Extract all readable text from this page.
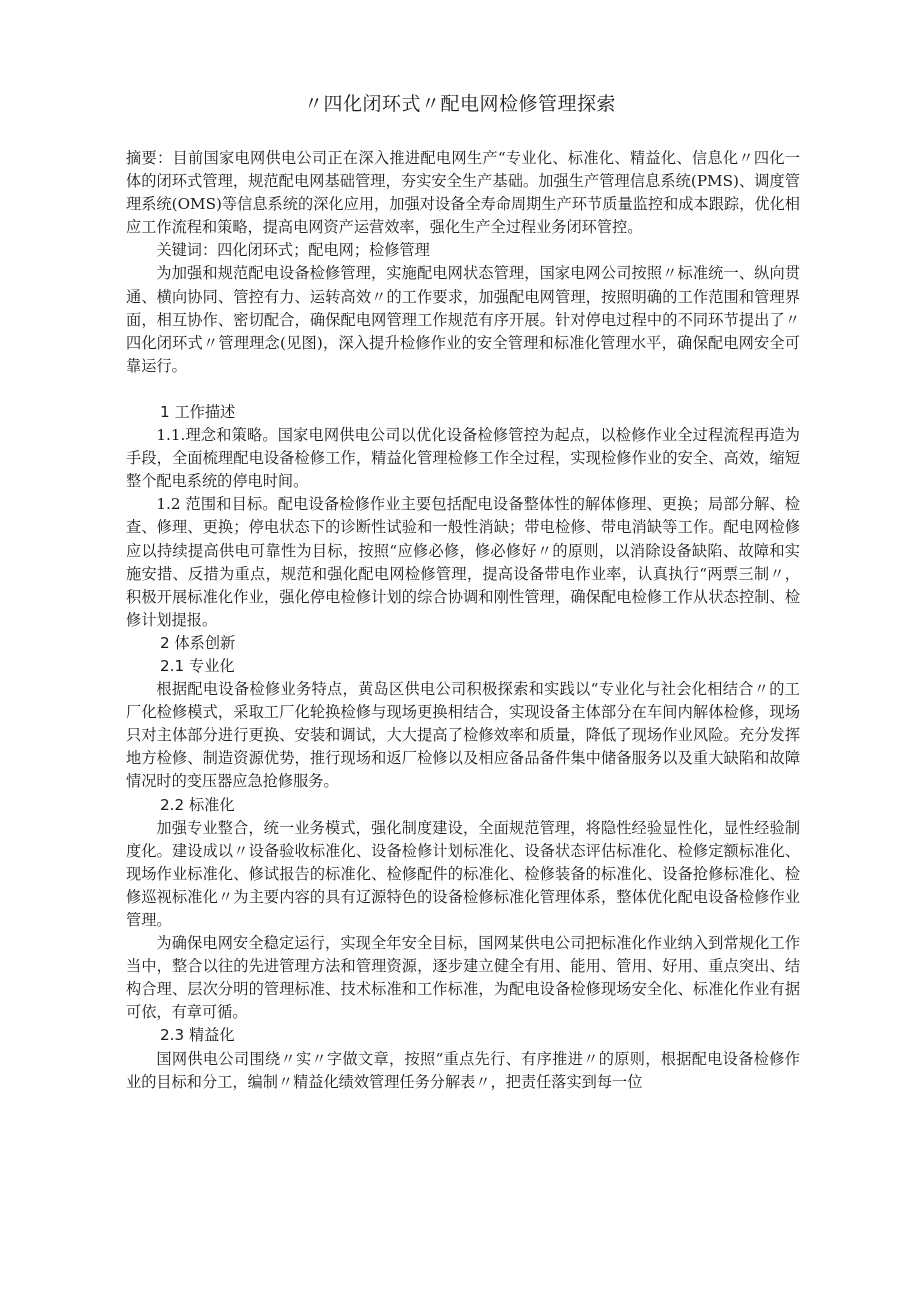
〃四化闭环式〃配电网检修管理探索

摘要：目前国家电网供电公司正在深入推进配电网生产“专业化、标准化、精益化、信息化〃四化一体的闭环式管理，规范配电网基础管理，夯实安全生产基础。加强生产管理信息系统(PMS)、调度管理系统(OMS)等信息系统的深化应用，加强对设备全寿命周期生产环节质量监控和成本跟踪，优化相应工作流程和策略，提高电网资产运营效率，强化生产全过程业务闭环管控。

关键词：四化闭环式；配电网；检修管理

为加强和规范配电设备检修管理，实施配电网状态管理，国家电网公司按照〃标准统一、纵向贯通、横向协同、管控有力、运转高效〃的工作要求，加强配电网管理，按照明确的工作范围和管理界面，相互协作、密切配合，确保配电网管理工作规范有序开展。针对停电过程中的不同环节提出了〃四化闭环式〃管理理念(见图)，深入提升检修作业的安全管理和标准化管理水平，确保配电网安全可靠运行。

1 工作描述

1.1.理念和策略。国家电网供电公司以优化设备检修管控为起点，以检修作业全过程流程再造为手段，全面梳理配电设备检修工作，精益化管理检修工作全过程，实现检修作业的安全、高效，缩短整个配电系统的停电时间。

1.2 范围和目标。配电设备检修作业主要包括配电设备整体性的解体修理、更换；局部分解、检查、修理、更换；停电状态下的诊断性试验和一般性消缺；带电检修、带电消缺等工作。配电网检修应以持续提高供电可靠性为目标，按照“应修必修，修必修好〃的原则，以消除设备缺陷、故障和实施安措、反措为重点，规范和强化配电网检修管理，提高设备带电作业率，认真执行“两票三制〃，积极开展标准化作业，强化停电检修计划的综合协调和刚性管理，确保配电检修工作从状态控制、检修计划提报。

2 体系创新

2.1 专业化

根据配电设备检修业务特点，黄岛区供电公司积极探索和实践以“专业化与社会化相结合〃的工厂化检修模式，采取工厂化轮换检修与现场更换相结合，实现设备主体部分在车间内解体检修，现场只对主体部分进行更换、安装和调试，大大提高了检修效率和质量，降低了现场作业风险。充分发挥地方检修、制造资源优势，推行现场和返厂检修以及相应备品备件集中储备服务以及重大缺陷和故障情况时的变压器应急抢修服务。

2.2 标准化

加强专业整合，统一业务模式，强化制度建设，全面规范管理，将隐性经验显性化，显性经验制度化。建设成以〃设备验收标准化、设备检修计划标准化、设备状态评估标准化、检修定额标准化、现场作业标准化、修试报告的标准化、检修配件的标准化、检修装备的标准化、设备抢修标准化、检修巡视标准化〃为主要内容的具有辽源特色的设备检修标准化管理体系，整体优化配电设备检修作业管理。

为确保电网安全稳定运行，实现全年安全目标，国网某供电公司把标准化作业纳入到常规化工作当中，整合以往的先进管理方法和管理资源，逐步建立健全有用、能用、管用、好用、重点突出、结构合理、层次分明的管理标准、技术标准和工作标准，为配电设备检修现场安全化、标准化作业有据可依，有章可循。

2.3 精益化

国网供电公司围绕〃实〃字做文章，按照“重点先行、有序推进〃的原则，根据配电设备检修作业的目标和分工，编制〃精益化绩效管理任务分解表〃，把责任落实到每一位
